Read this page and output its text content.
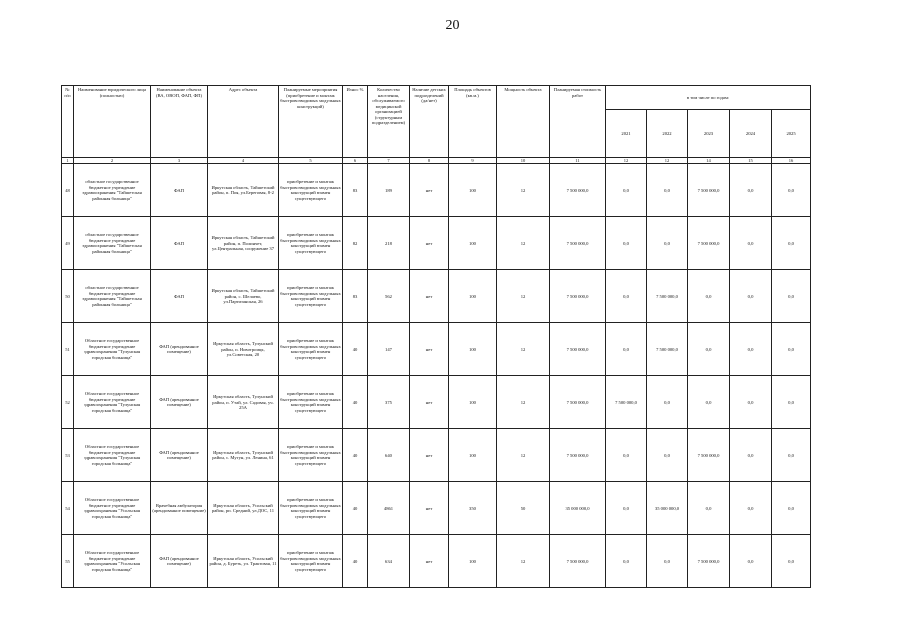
20
№ п/п	Наименование юридического лица (полностью)	Наименование объекта (ВА, ОВОП, ФАП, ФП)	Адрес объекта	Планируемые мероприятия (приобретение и монтаж быстровозводимых модульных конструкций)	Износ %	Количество населения, обслуживаемого медицинской организацией (структурным подразделением)	Наличие детских подразделений (да/нет)	Площадь объектов (кв.м.)	Мощность объекта	Планируемая стоимость работ	в том числе по годам:				
											2021	2022	2023	2024	2025
1	2	3	4	5	6	7	8	9	10	11	12	12	14	15	16
48	областное государственное бюджетное учреждение здравоохранения "Тайшетская районная больница"	ФАП	Иркутская область, Тайшетский район, п. Поя, ул.Береговая, 8-2	приобретение и монтаж быстровозводимых модульных конструкций взамен существующего	83	189	нет	100	12	7 500 000,0	0,0	0,0	7 500 000,0	0,0	0,0
49	областное государственное бюджетное учреждение здравоохранения "Тайшетская районная больница"	ФАП	Иркутская область, Тайшетский район, п. Полинчет, ул.Центральная, сооружение 37	приобретение и монтаж быстровозводимых модульных конструкций взамен существующего	82	218	нет	100	12	7 500 000,0	0,0	0,0	7 500 000,0	0,0	0,0
50	областное государственное бюджетное учреждение здравоохранения "Тайшетская районная больница"	ФАП	Иркутская область, Тайшетский район, с. Шелаево, ул.Партизанская, 26	приобретение и монтаж быстровозводимых модульных конструкций взамен существующего	83	562	нет	100	12	7 500 000,0	0,0	7 500 000,0	0,0	0,0	0,0
51	Областное государственное бюджетное учреждение здравоохранения "Тулунская городская больница"	ФАП (арендованное помещение)	Иркутская область, Тулунский район, п. Новотроицк, ул.Советская, 20	приобретение и монтаж быстровозводимых модульных конструкций взамен существующего	40	147	нет	100	12	7 500 000,0	0,0	7 500 000,0	0,0	0,0	0,0
52	Областное государственное бюджетное учреждение здравоохранения "Тулунская городская больница"	ФАП (арендованное помещение)	Иркутская область, Тулунский район, п. Утай, ул. Садовая, уч. 25А	приобретение и монтаж быстровозводимых модульных конструкций взамен существующего	40	375	нет	100	12	7 500 000,0	7 500 000,0	0,0	0,0	0,0	0,0
53	Областное государственное бюджетное учреждение здравоохранения "Тулунская городская больница"	ФАП (арендованное помещение)	Иркутская область, Тулунский район, с. Мугун, ул. Ленина, 61	приобретение и монтаж быстровозводимых модульных конструкций взамен существующего	40	640	нет	100	12	7 500 000,0	0,0	0,0	7 500 000,0	0,0	0,0
54	Областное государственное бюджетное учреждение здравоохранения "Усольская городская больница"	Врачебная амбулатория (арендованное помещение)	Иркутская область, Усольский район, рп. Средний, ул.ДОС, 11	приобретение и монтаж быстровозводимых модульных конструкций взамен существующего	40	4861	нет	350	50	35 000 000,0	0,0	35 000 000,0	0,0	0,0	0,0
55	Областное государственное бюджетное учреждение здравоохранения "Усольская городская больница"	ФАП (арендованное помещение)	Иркутская область, Усольский район, д. Буреть, ул. Трактовая, 11	приобретение и монтаж быстровозводимых модульных конструкций взамен существующего	40	634	нет	100	12	7 500 000,0	0,0	0,0	7 500 000,0	0,0	0,0
